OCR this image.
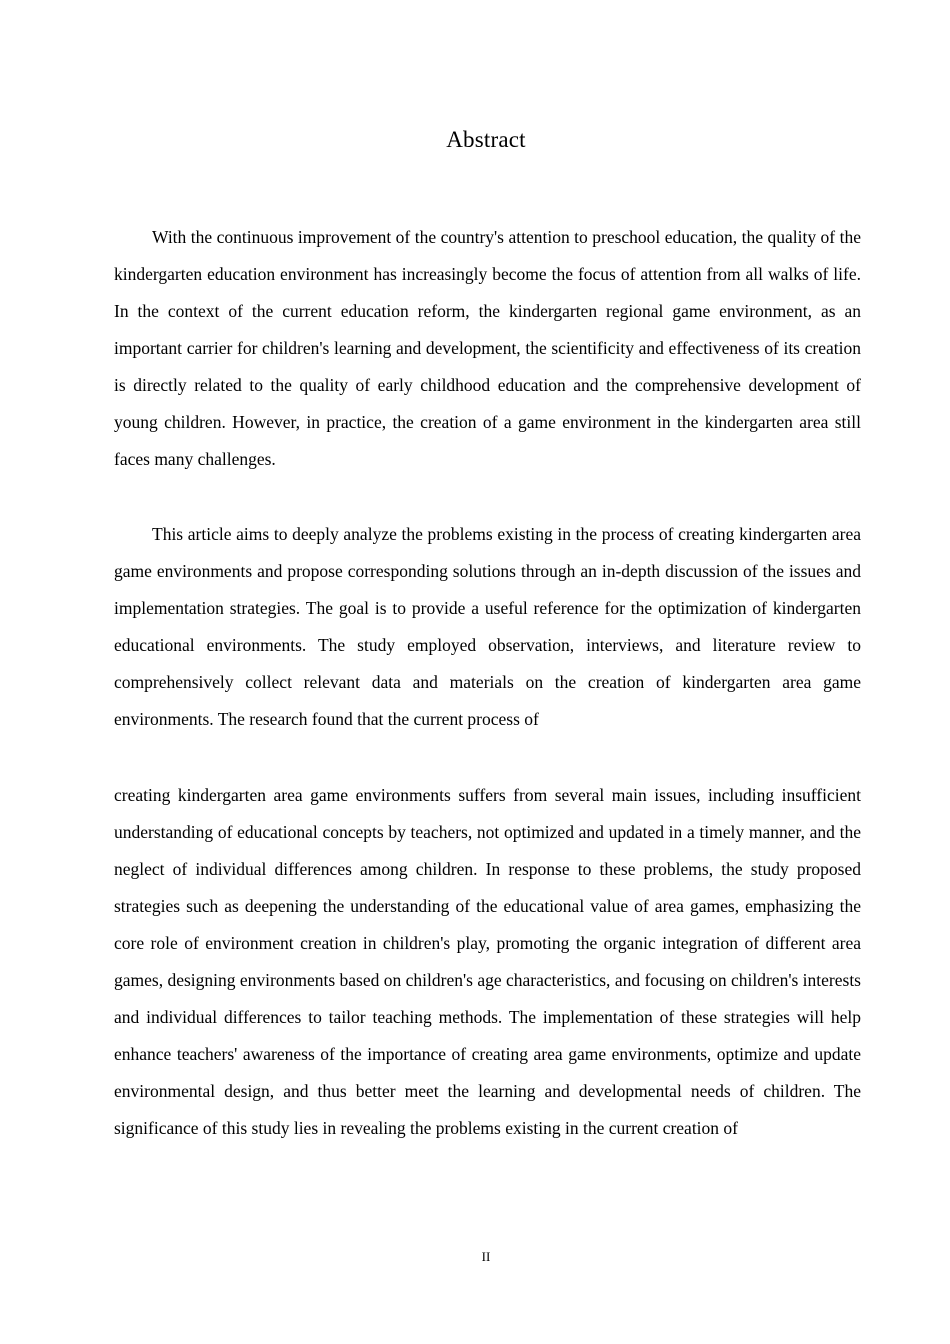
Abstract

With the continuous improvement of the country's attention to preschool education, the quality of the kindergarten education environment has increasingly become the focus of attention from all walks of life. In the context of the current education reform, the kindergarten regional game environment, as an important carrier for children's learning and development, the scientificity and effectiveness of its creation is directly related to the quality of early childhood education and the comprehensive development of young children. However, in practice, the creation of a game environment in the kindergarten area still faces many challenges.

This article aims to deeply analyze the problems existing in the process of creating kindergarten area game environments and propose corresponding solutions through an in-depth discussion of the issues and implementation strategies. The goal is to provide a useful reference for the optimization of kindergarten educational environments. The study employed observation, interviews, and literature review to comprehensively collect relevant data and materials on the creation of kindergarten area game environments. The research found that the current process of

creating kindergarten area game environments suffers from several main issues, including insufficient understanding of educational concepts by teachers, not optimized and updated in a timely manner, and the neglect of individual differences among children. In response to these problems, the study proposed strategies such as deepening the understanding of the educational value of area games, emphasizing the core role of environment creation in children's play, promoting the organic integration of different area games, designing environments based on children's age characteristics, and focusing on children's interests and individual differences to tailor teaching methods. The implementation of these strategies will help enhance teachers' awareness of the importance of creating area game environments, optimize and update environmental design, and thus better meet the learning and developmental needs of children. The significance of this study lies in revealing the problems existing in the current creation of

II
